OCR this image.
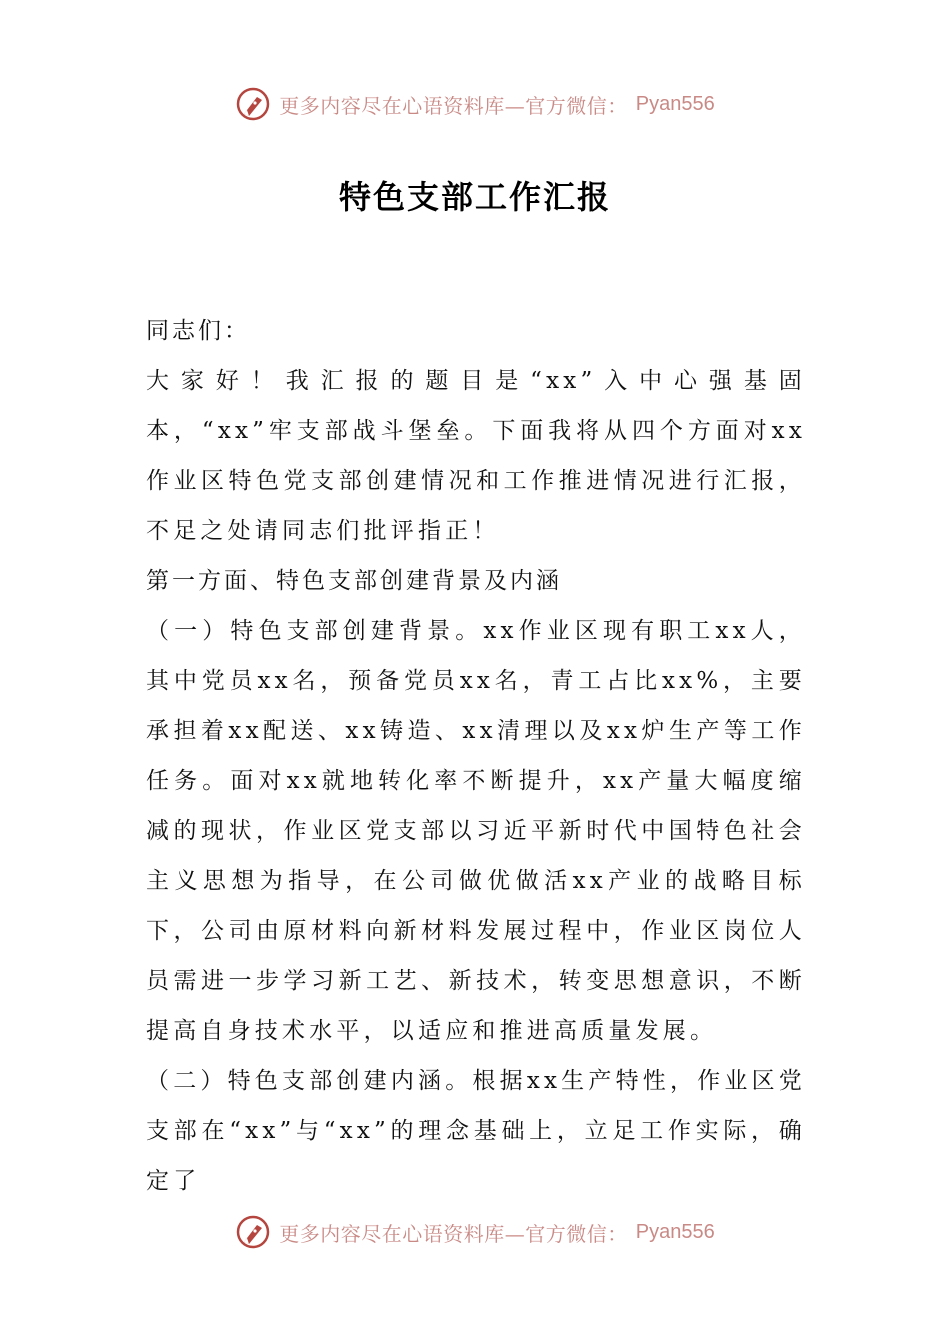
更多内容尽在心语资料库—官方微信： Pyan556
特色支部工作汇报

同志们：

大家好！我汇报的题目是“xx”入中心强基固本，“xx”牢支部战斗堡垒。下面我将从四个方面对xx作业区特色党支部创建情况和工作推进情况进行汇报，不足之处请同志们批评指正！

第一方面、特色支部创建背景及内涵

（一）特色支部创建背景。xx作业区现有职工xx人，其中党员xx名，预备党员xx名，青工占比xx%，主要承担着xx配送、xx铸造、xx清理以及xx炉生产等工作任务。面对xx就地转化率不断提升，xx产量大幅度缩减的现状，作业区党支部以习近平新时代中国特色社会主义思想为指导，在公司做优做活xx产业的战略目标下，公司由原材料向新材料发展过程中，作业区岗位人员需进一步学习新工艺、新技术，转变思想意识，不断提高自身技术水平，以适应和推进高质量发展。

（二）特色支部创建内涵。根据xx生产特性，作业区党支部在“xx”与“xx”的理念基础上，立足工作实际，确定了

更多内容尽在心语资料库—官方微信： Pyan556
